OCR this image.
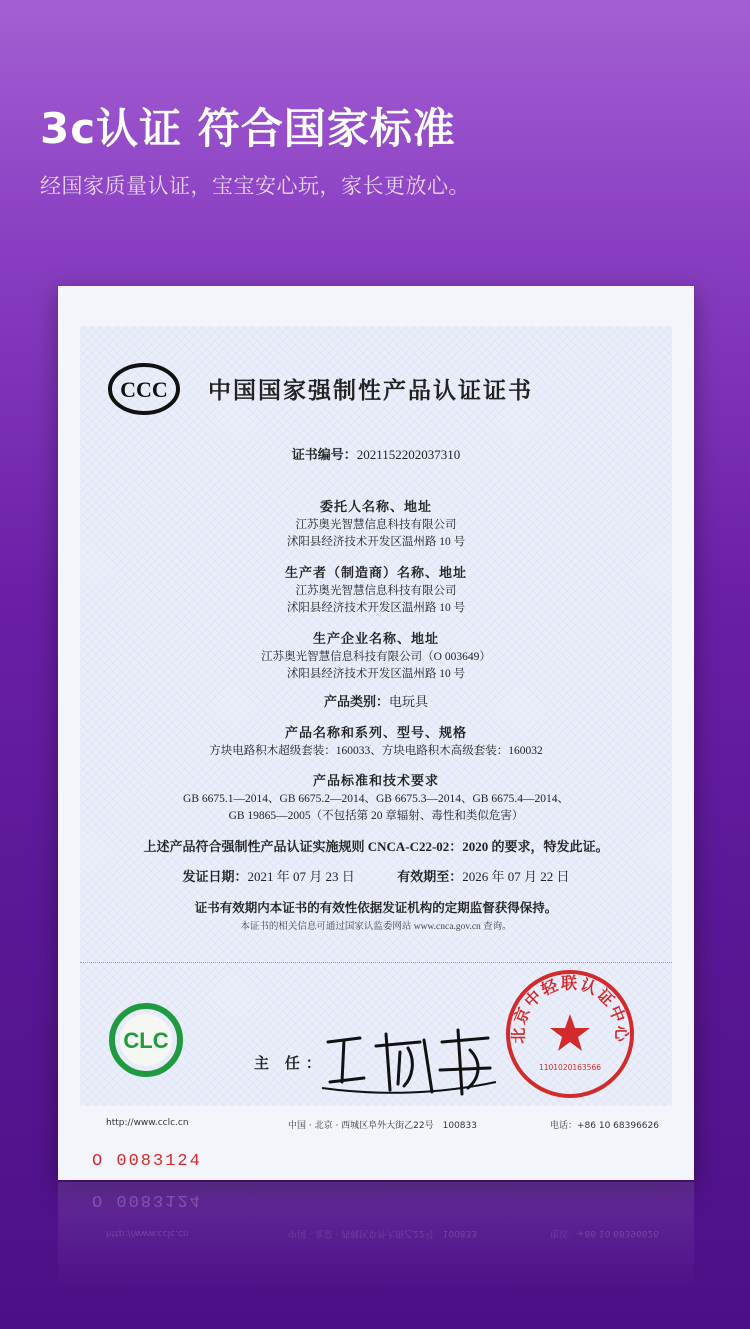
3c认证 符合国家标准
经国家质量认证，宝宝安心玩，家长更放心。
CCC 中国国家强制性产品认证证书
证书编号：2021152202037310
委托人名称、地址
江苏奥光智慧信息科技有限公司
沭阳县经济技术开发区温州路 10 号
生产者（制造商）名称、地址
江苏奥光智慧信息科技有限公司
沭阳县经济技术开发区温州路 10 号
生产企业名称、地址
江苏奥光智慧信息科技有限公司（O 003649）
沭阳县经济技术开发区温州路 10 号
产品类别：电玩具
产品名称和系列、型号、规格
方块电路积木超级套装：160033、方块电路积木高级套装：160032
产品标准和技术要求
GB 6675.1—2014、GB 6675.2—2014、GB 6675.3—2014、GB 6675.4—2014、
GB 19865—2005（不包括第 20 章辐射、毒性和类似危害）
上述产品符合强制性产品认证实施规则 CNCA-C22-02：2020 的要求，特发此证。
发证日期：2021 年 07 月 23 日	有效期至：2026 年 07 月 22 日
证书有效期内本证书的有效性依据发证机构的定期监督获得保持。
本证书的相关信息可通过国家认监委网站 www.cnca.gov.cn 查询。
CLC
主 任：
北京中轻联认证中心
1101020163566
http://www.cclc.cn	中国 · 北京 · 西城区阜外大街乙22号　100833	电话：+86 10 68396626
O 0083124
O 0083124
http://www.cclc.cn	中国 · 北京 · 西城区阜外大街乙22号　100833	电话：+86 10 68396626
